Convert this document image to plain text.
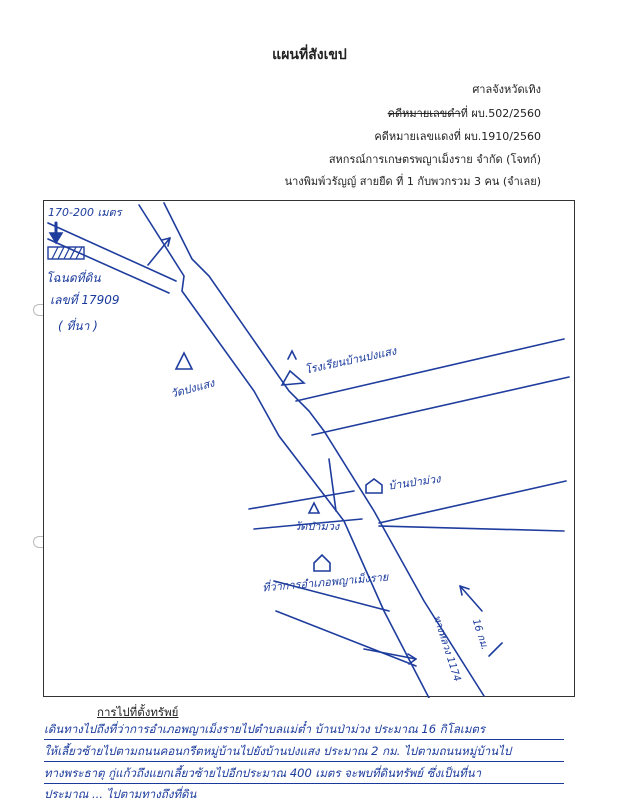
แผนที่สังเขป
ศาลจังหวัดเทิง
คดีหมายเลขดำที่ ผบ.502/2560
คดีหมายเลขแดงที่ ผบ.1910/2560
สหกรณ์การเกษตรพญาเม็งราย จำกัด (โจทก์)
นางพิมพ์วรัญญ์ สายยืด ที่ 1 กับพวกรวม 3 คน (จำเลย)
170-200 เมตร
โฉนดที่ดิน
เลขที่ 17909
( ที่นา )
วัดปงแสง
โรงเรียนบ้านปงแสง
บ้านป่าม่วง
วัดป่าม่วง
ที่ว่าการอำเภอพญาเม็งราย
ทางหลวง 1174 16 กม.
การไปที่ตั้งทรัพย์
เดินทางไปถึงที่ว่าการอำเภอพญาเม็งรายไปตำบลแม่ต๋ำ บ้านป่าม่วง ประมาณ 16 กิโลเมตร
ให้เลี้ยวซ้ายไปตามถนนคอนกรีตหมู่บ้านไปยังบ้านปงแสง ประมาณ 2 กม. ไปตามถนนหมู่บ้านไป
ทางพระธาตุ กู่แก้วถึงแยกเลี้ยวซ้ายไปอีกประมาณ 400 เมตร จะพบที่ดินทรัพย์ ซึ่งเป็นที่นา
ประมาณ ... ไปตามทางถึงที่ดิน
